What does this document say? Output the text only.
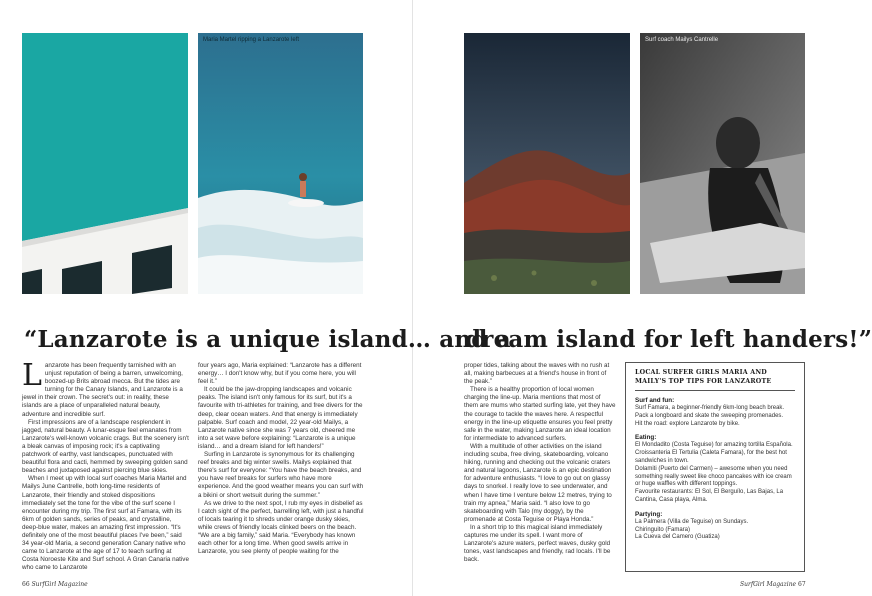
Maria Martel ripping a Lanzarote left	Surf coach Mailys Cantrelle
“Lanzarote is a unique island… and a
dream island for left handers!”

Lanzarote has been frequently tarnished with an unjust reputation of being a barren, unwelcoming, boozed-up Brits abroad mecca. But the tides are turning for the Canary Islands, and Lanzarote is a jewel in their crown. The secret's out: in reality, these islands are a place of unparalleled natural beauty, adventure and incredible surf.

First impressions are of a landscape resplendent in jagged, natural beauty. A lunar-esque feel emanates from Lanzarote's well-known volcanic crags. But the scenery isn't a bleak canvas of imposing rock; it's a captivating patchwork of earthy, vast landscapes, punctuated with beautiful flora and cacti, hemmed by sweeping golden sand beaches and juxtaposed against piercing blue skies.

When I meet up with local surf coaches Maria Martel and Mailys June Cantrelle, both long-time residents of Lanzarote, their friendly and stoked dispositions immediately set the tone for the vibe of the surf scene I encounter during my trip. The first surf at Famara, with its 6km of golden sands, series of peaks, and crystalline, deep-blue water, makes an amazing first impression. “It's definitely one of the most beautiful places I've been,” said 34 year-old Maria, a second generation Canary native who came to Lanzarote at the age of 17 to teach surfing at Costa Noroeste Kite and Surf school. A Gran Canaria native who came to Lanzarote

four years ago, Maria explained: “Lanzarote has a different energy… I don't know why, but if you come here, you will feel it.”

It could be the jaw-dropping landscapes and volcanic peaks. The island isn't only famous for its surf, but it's a favourite with tri-athletes for training, and free divers for the deep, clear ocean waters. And that energy is immediately palpable. Surf coach and model, 22 year-old Mailys, a Lanzarote native since she was 7 years old, cheered me into a set wave before explaining: “Lanzarote is a unique island… and a dream island for left handers!”

Surfing in Lanzarote is synonymous for its challenging reef breaks and big winter swells. Mailys explained that there's surf for everyone: “You have the beach breaks, and you have reef breaks for surfers who have more experience. And the good weather means you can surf with a bikini or short wetsuit during the summer.”

As we drive to the next spot, I rub my eyes in disbelief as I catch sight of the perfect, barrelling left, with just a handful of locals tearing it to shreds under orange dusky skies, while crews of friendly locals clinked beers on the beach. “We are a big family,” said Maria. “Everybody has known each other for a long time. When good swells arrive in Lanzarote, you see plenty of people waiting for the

proper tides, talking about the waves with no rush at all, making barbecues at a friend's house in front of the peak.”

There is a healthy proportion of local women charging the line-up. Maria mentions that most of them are mums who started surfing late, yet they have the courage to tackle the waves here. A respectful energy in the line-up etiquette ensures you feel pretty safe in the water, making Lanzarote an ideal location for intermediate to advanced surfers.

With a multitude of other activities on the island including scuba, free diving, skateboarding, volcano hiking, running and checking out the volcanic craters and natural lagoons, Lanzarote is an epic destination for adventure enthusiasts. “I love to go out on glassy days to snorkel. I really love to see underwater, and when I have time I venture below 12 metres, trying to train my apnea,” Maria said. “I also love to go skateboarding with Talo (my doggy), by the promenade at Costa Teguise or Playa Honda.”

In a short trip to this magical island immediately captures me under its spell. I want more of Lanzarote's azure waters, perfect waves, dusky gold tones, vast landscapes and friendly, rad locals. I'll be back.

LOCAL SURFER GIRLS MARIA AND MAILY'S TOP TIPS FOR LANZAROTE
Surf and fun:

Surf Famara, a beginner-friendly 6km-long beach break.

Pack a longboard and skate the sweeping promenades.

Hit the road: explore Lanzarote by bike.

Eating:

El Mondadito (Costa Teguise) for amazing tortilla Española.

Croissanteria El Tertulia (Caleta Famara), for the best hot sandwiches in town.

Dolamiti (Puerto del Carmen) – awesome when you need something really sweet like choco pancakes with ice cream or huge waffles with different toppings.

Favourite restaurants: El Sol, El Berguílo, Las Bajas, La Cantina, Casa playa, Alma.

Partying:

La Palmera (Villa de Teguise) on Sundays.

Chiringuito (Famara)

La Cueva del Camero (Guatiza)

66 SurfGirl Magazine	SurfGirl Magazine 67
